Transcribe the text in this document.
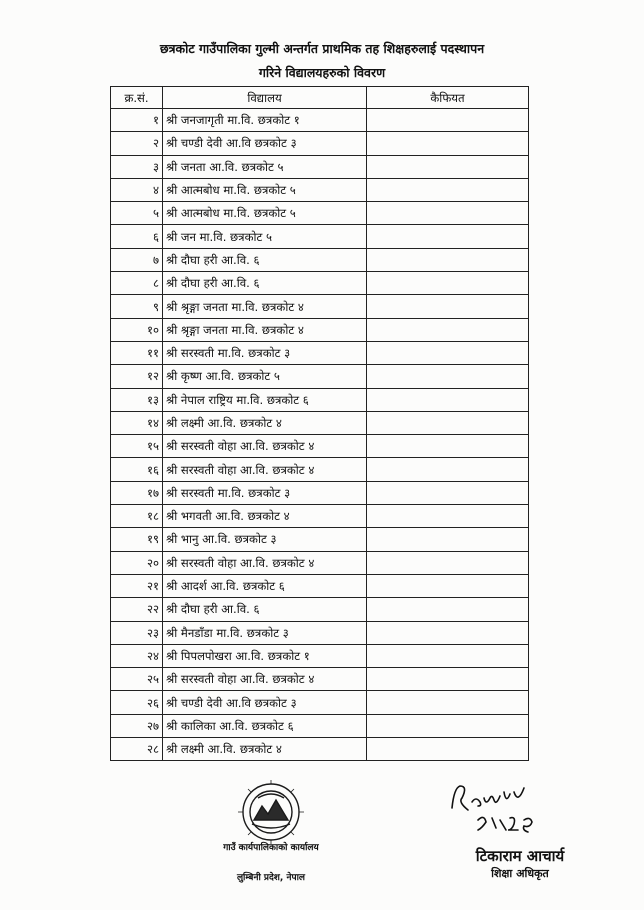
छत्रकोट गाउँपालिका गुल्मी अन्तर्गत प्राथमिक तह शिक्षहरुलाई पदस्थापन
गरिने विद्यालयहरुको विवरण
क्र.सं.	विद्यालय	कैफियत
१	श्री जनजागृती मा.वि. छत्रकोट १	
२	श्री चण्डी देवी आ.वि छत्रकोट ३	
३	श्री जनता आ.वि. छत्रकोट ५	
४	श्री आत्मबोध मा.वि. छत्रकोट ५	
५	श्री आत्मबोध मा.वि. छत्रकोट ५	
६	श्री जन मा.वि. छत्रकोट ५	
७	श्री दौघा हरी आ.वि. ६	
८	श्री दौघा हरी आ.वि. ६	
९	श्री श्रृङ्गा जनता मा.वि. छत्रकोट ४	
१०	श्री श्रृङ्गा जनता मा.वि. छत्रकोट ४	
११	श्री सरस्वती मा.वि. छत्रकोट ३	
१२	श्री कृष्ण आ.वि. छत्रकोट ५	
१३	श्री नेपाल राष्ट्रिय मा.वि. छत्रकोट ६	
१४	श्री लक्ष्मी आ.वि. छत्रकोट ४	
१५	श्री सरस्वती वोहा आ.वि. छत्रकोट ४	
१६	श्री सरस्वती वोहा आ.वि. छत्रकोट ४	
१७	श्री सरस्वती मा.वि. छत्रकोट ३	
१८	श्री भगवती आ.वि. छत्रकोट ४	
१९	श्री भानु आ.वि. छत्रकोट ३	
२०	श्री सरस्वती वोहा आ.वि. छत्रकोट ४	
२१	श्री आदर्श आ.वि. छत्रकोट ६	
२२	श्री दौघा हरी आ.वि. ६	
२३	श्री मैनडाँडा मा.वि. छत्रकोट ३	
२४	श्री पिपलपोखरा आ.वि. छत्रकोट १	
२५	श्री सरस्वती वोहा आ.वि. छत्रकोट ४	
२६	श्री चण्डी देवी आ.वि छत्रकोट ३	
२७	श्री कालिका आ.वि. छत्रकोट ६	
२८	श्री लक्ष्मी आ.वि. छत्रकोट ४	
गाउँ कार्यपालिकाको कार्यालय
लुम्बिनी प्रदेश, नेपाल
टिकाराम आचार्य
शिक्षा अधिकृत
